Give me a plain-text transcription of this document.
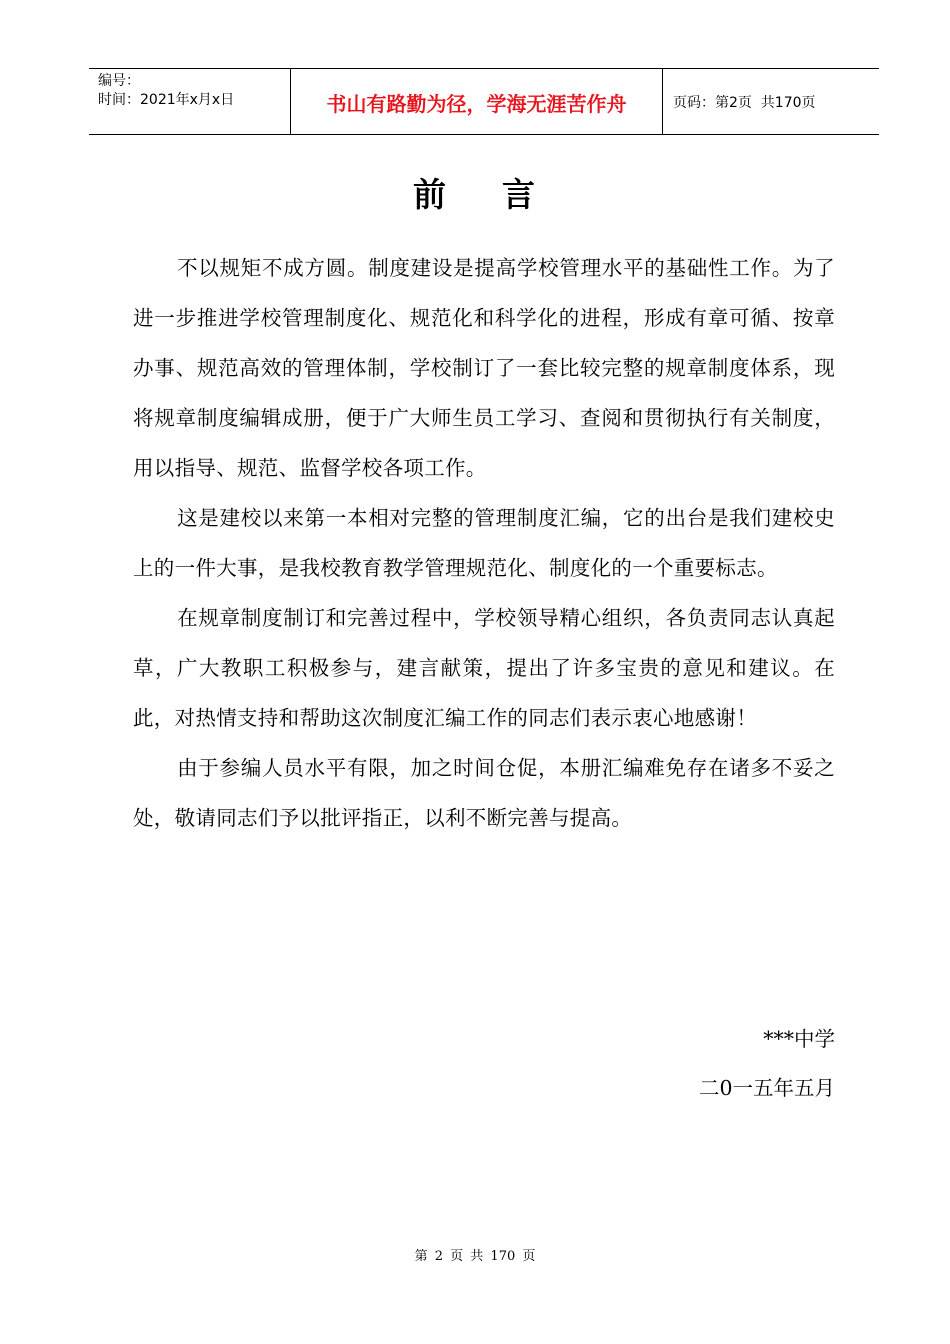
编号：
时间：2021年x月x日	书山有路勤为径，学海无涯苦作舟	页码：第2页  共170页
前    言

不以规矩不成方圆。制度建设是提高学校管理水平的基础性工作。为了进一步推进学校管理制度化、规范化和科学化的进程，形成有章可循、按章办事、规范高效的管理体制，学校制订了一套比较完整的规章制度体系，现将规章制度编辑成册，便于广大师生员工学习、查阅和贯彻执行有关制度，用以指导、规范、监督学校各项工作。

这是建校以来第一本相对完整的管理制度汇编，它的出台是我们建校史上的一件大事，是我校教育教学管理规范化、制度化的一个重要标志。

在规章制度制订和完善过程中，学校领导精心组织，各负责同志认真起草，广大教职工积极参与，建言献策，提出了许多宝贵的意见和建议。在此，对热情支持和帮助这次制度汇编工作的同志们表示衷心地感谢！

由于参编人员水平有限，加之时间仓促，本册汇编难免存在诸多不妥之处，敬请同志们予以批评指正，以利不断完善与提高。

***中学
二0一五年五月
第 2 页 共 170 页
